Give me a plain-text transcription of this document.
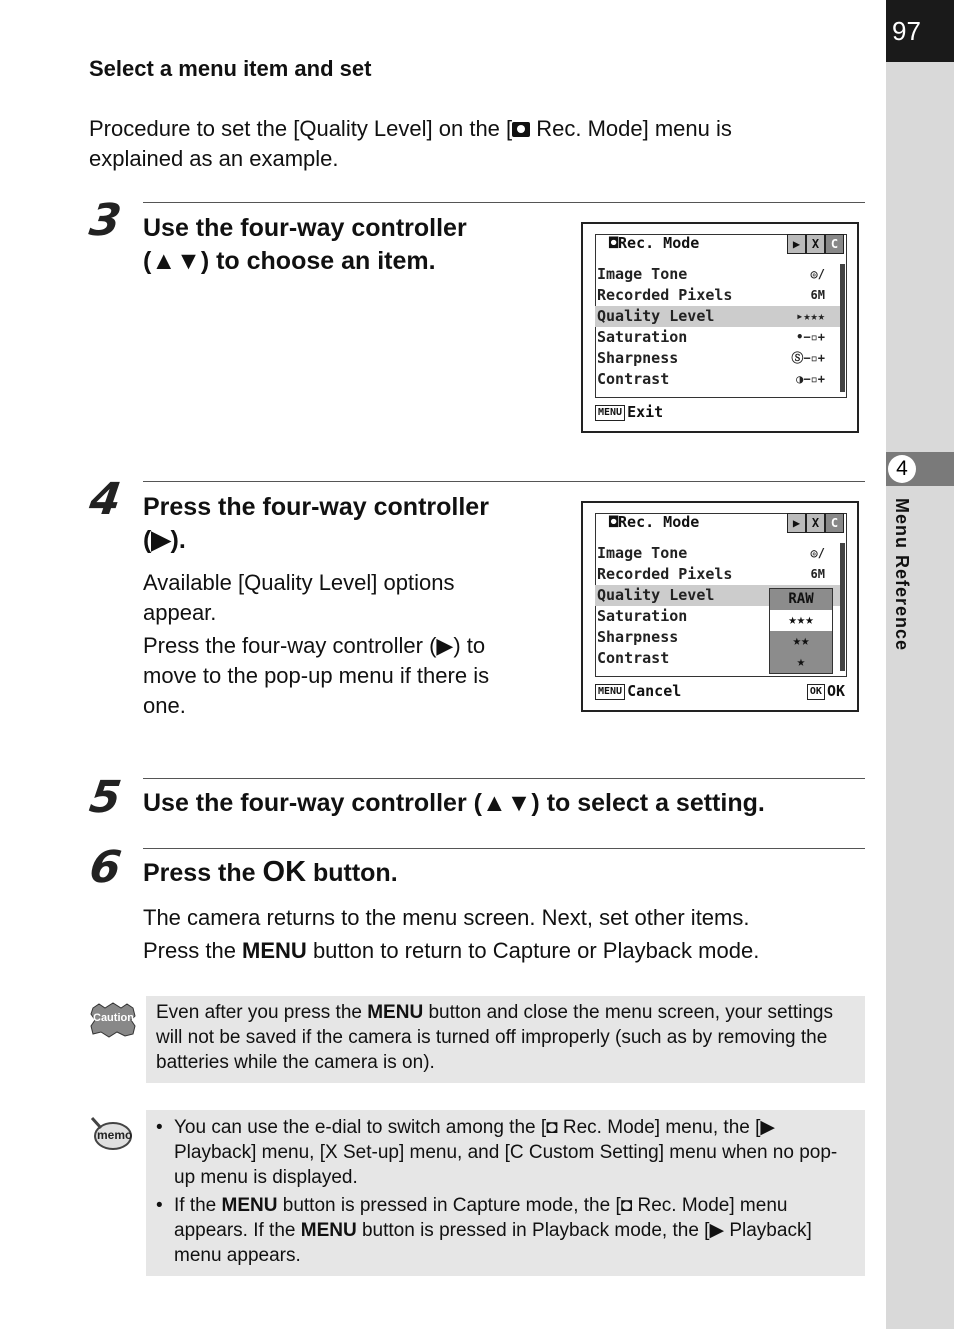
97
4
Menu Reference
Select a menu item and set
Procedure to set the [Quality Level] on the [
Rec. Mode] menu is explained as an example.
3 Use the four-way controller
(▲▼) to choose an item.
◘Rec. Mode	▶ X C
Image Tone	◎/
Recorded Pixels	6M
Quality Level	▸★★★
Saturation	•−▫+
Sharpness	Ⓢ−▫+
Contrast	◑−▫+
MENU Exit
4 Press the four-way controller
(▶).
Available [Quality Level] options appear.
Press the four-way controller (▶) to move to the pop-up menu if there is one.
◘Rec. Mode	▶ X C
Image Tone	◎/
Recorded Pixels	6M
Quality Level
Saturation
Sharpness
Contrast
RAW
★★★
★★
★
MENU Cancel	OK OK
5 Use the four-way controller (▲▼) to select a setting.
6 Press the OK button.
The camera returns to the menu screen. Next, set other items.
Press the MENU button to return to Capture or Playback mode.
Caution	Even after you press the MENU button and close the menu screen, your settings will not be saved if the camera is turned off improperly (such as by removing the batteries while the camera is on).
memo • You can use the e-dial to switch among the [◘ Rec. Mode] menu, the [▶ Playback] menu, [X Set-up] menu, and [C Custom Setting] menu when no pop-up menu is displayed.
• If the MENU button is pressed in Capture mode, the [◘ Rec. Mode] menu appears. If the MENU button is pressed in Playback mode, the [▶ Playback] menu appears.
